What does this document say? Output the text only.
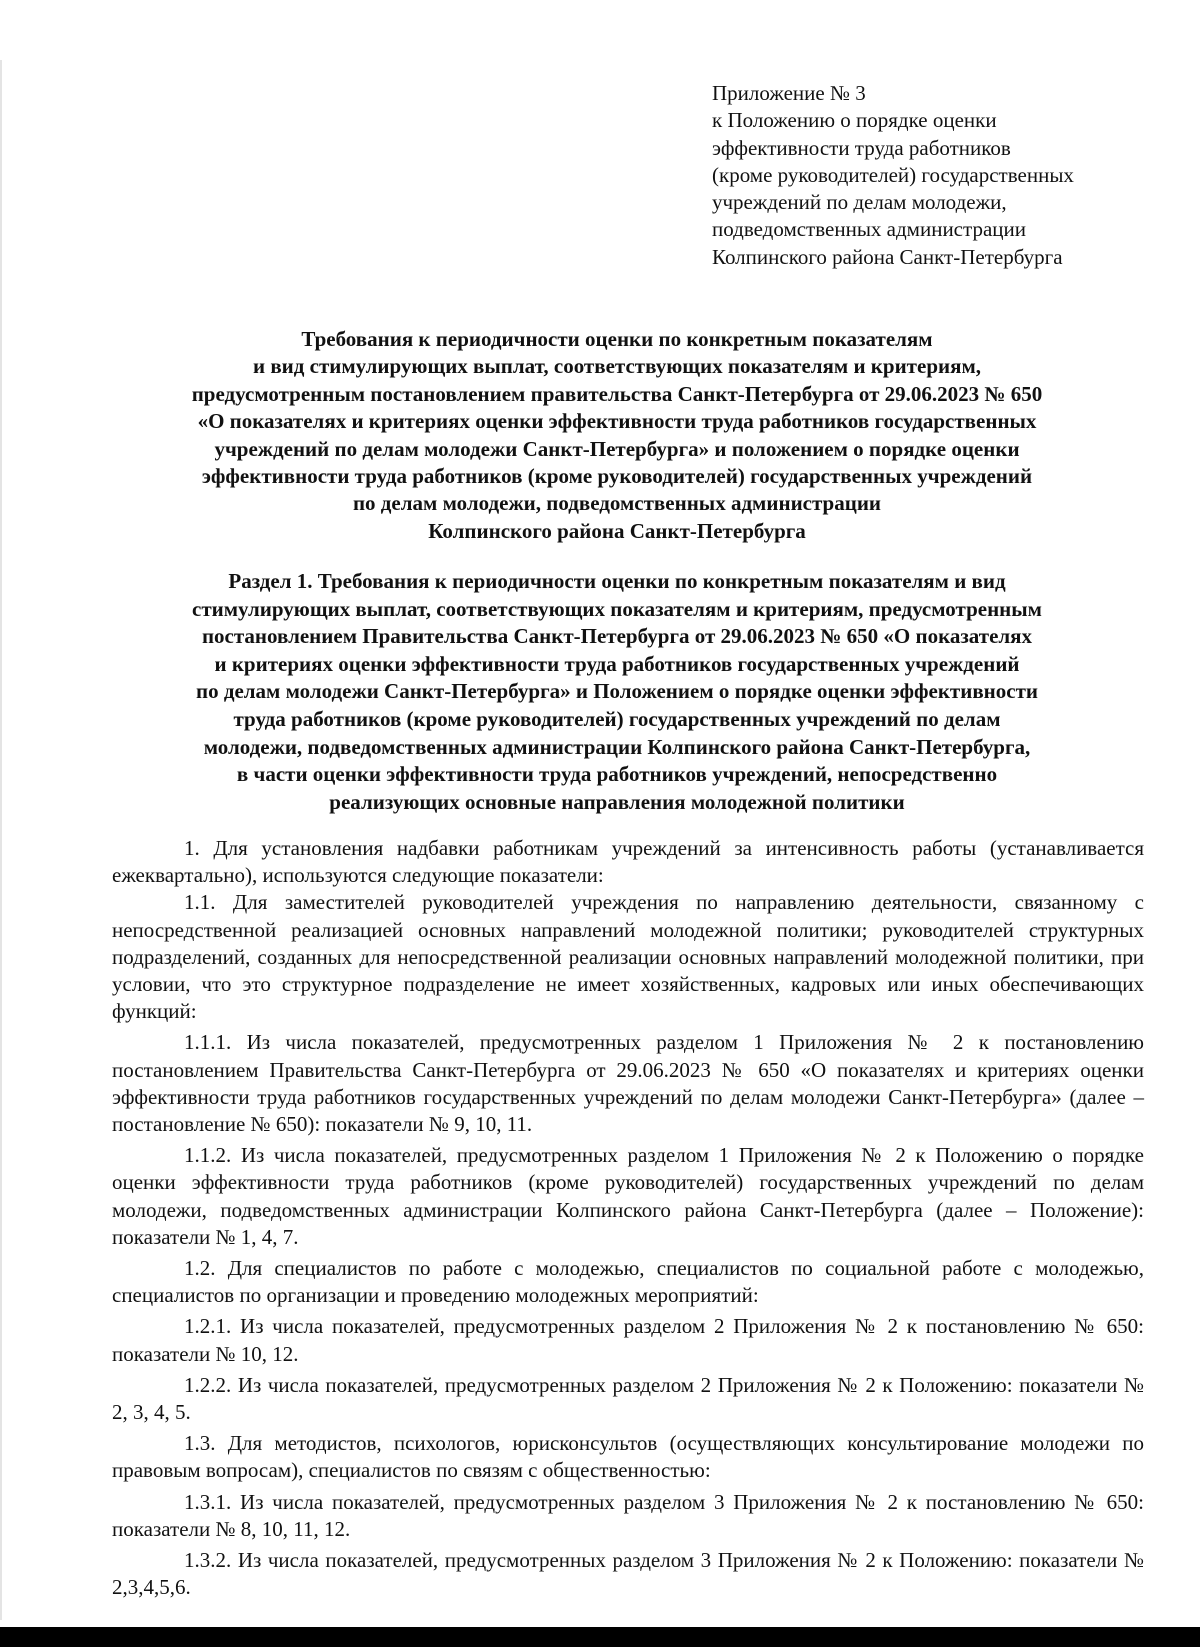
Приложение № 3
к Положению о порядке оценки
эффективности труда работников
(кроме руководителей) государственных
учреждений по делам молодежи,
подведомственных администрации
Колпинского района Санкт-Петербурга
Требования к периодичности оценки по конкретным показателям
и вид стимулирующих выплат, соответствующих показателям и критериям,
предусмотренным постановлением правительства Санкт-Петербурга от 29.06.2023 № 650
«О показателях и критериях оценки эффективности труда работников государственных
учреждений по делам молодежи Санкт-Петербурга» и положением о порядке оценки
эффективности труда работников (кроме руководителей) государственных учреждений
по делам молодежи, подведомственных администрации
Колпинского района Санкт-Петербурга
Раздел 1. Требования к периодичности оценки по конкретным показателям и вид
стимулирующих выплат, соответствующих показателям и критериям, предусмотренным
постановлением Правительства Санкт-Петербурга от 29.06.2023 № 650 «О показателях
и критериях оценки эффективности труда работников государственных учреждений
по делам молодежи Санкт-Петербурга» и Положением о порядке оценки эффективности
труда работников (кроме руководителей) государственных учреждений по делам
молодежи, подведомственных администрации Колпинского района Санкт-Петербурга,
в части оценки эффективности труда работников учреждений, непосредственно
реализующих основные направления молодежной политики

1. Для установления надбавки работникам учреждений за интенсивность работы (устанавливается ежеквартально), используются следующие показатели:

1.1. Для заместителей руководителей учреждения по направлению деятельности, связанному с непосредственной реализацией основных направлений молодежной политики; руководителей структурных подразделений, созданных для непосредственной реализации основных направлений молодежной политики, при условии, что это структурное подразделение не имеет хозяйственных, кадровых или иных обеспечивающих функций:

1.1.1. Из числа показателей, предусмотренных разделом 1 Приложения № 2 к постановлению постановлением Правительства Санкт-Петербурга от 29.06.2023 № 650 «О показателях и критериях оценки эффективности труда работников государственных учреждений по делам молодежи Санкт-Петербурга» (далее – постановление № 650): показатели № 9, 10, 11.

1.1.2. Из числа показателей, предусмотренных разделом 1 Приложения № 2 к Положению о порядке оценки эффективности труда работников (кроме руководителей) государственных учреждений по делам молодежи, подведомственных администрации Колпинского района Санкт-Петербурга (далее – Положение): показатели № 1, 4, 7.

1.2. Для специалистов по работе с молодежью, специалистов по социальной работе с молодежью, специалистов по организации и проведению молодежных мероприятий:

1.2.1. Из числа показателей, предусмотренных разделом 2 Приложения № 2 к постановлению № 650: показатели № 10, 12.

1.2.2. Из числа показателей, предусмотренных разделом 2 Приложения № 2 к Положению: показатели № 2, 3, 4, 5.

1.3. Для методистов, психологов, юрисконсультов (осуществляющих консультирование молодежи по правовым вопросам), специалистов по связям с общественностью:

1.3.1. Из числа показателей, предусмотренных разделом 3 Приложения № 2 к постановлению № 650: показатели № 8, 10, 11, 12.

1.3.2. Из числа показателей, предусмотренных разделом 3 Приложения № 2 к Положению: показатели № 2,3,4,5,6.
